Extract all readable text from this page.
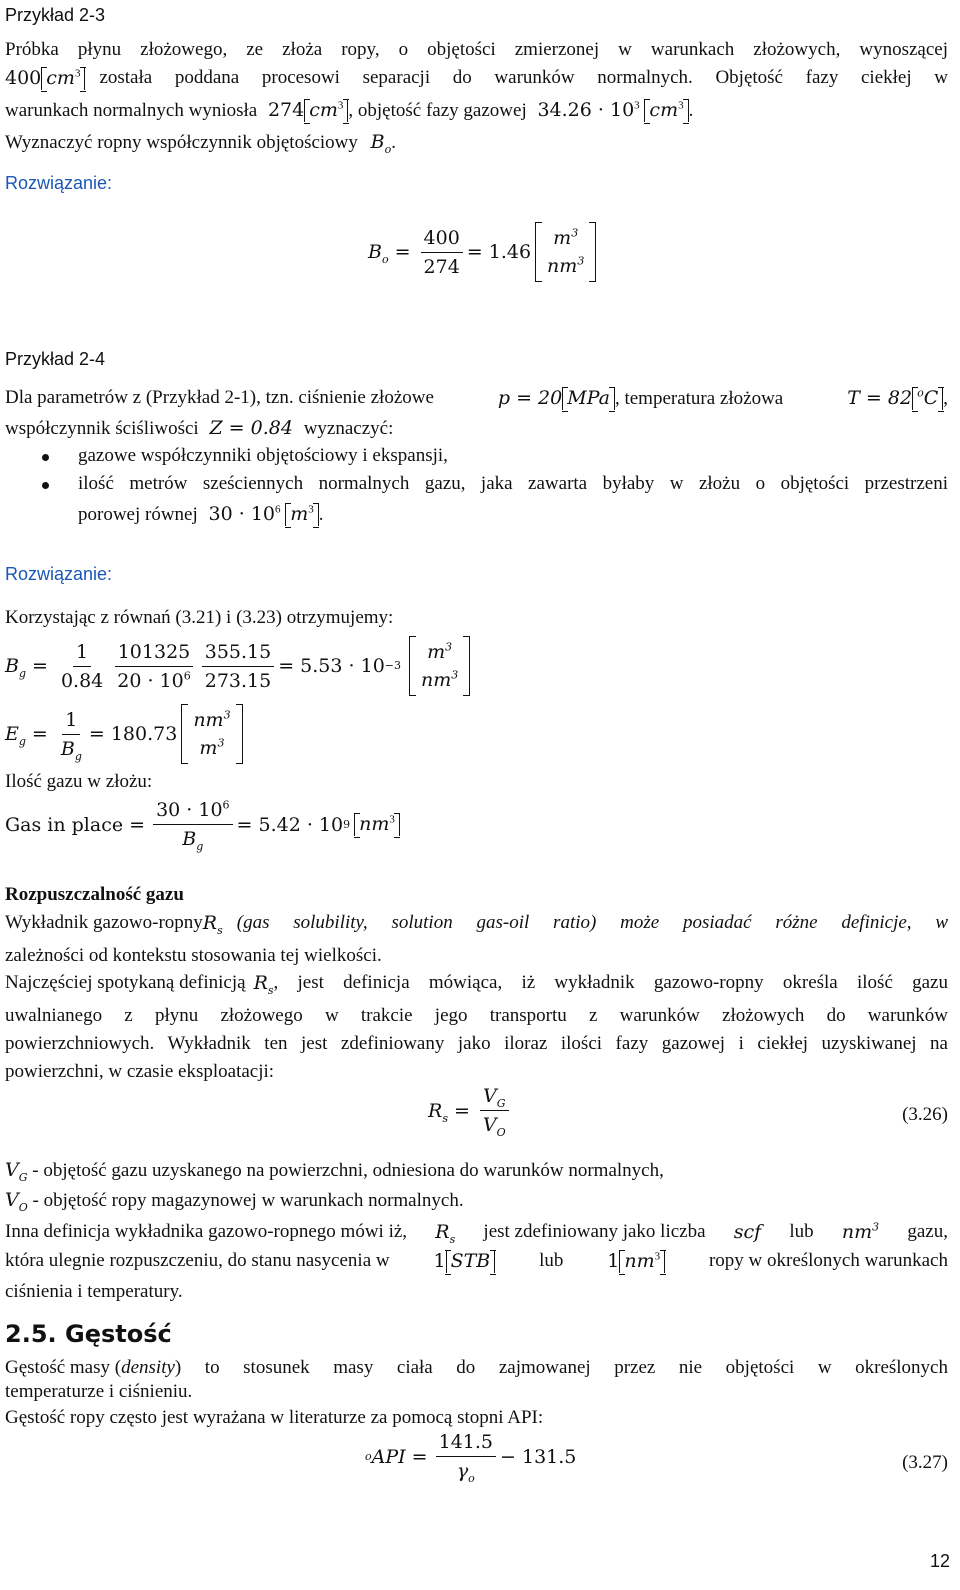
Przykład 2-3
Próbka płynu złożowego, ze złoża ropy, o objętości zmierzonej w warunkach złożowych, wynoszącej
400 $cm^3$ została poddana procesowi separacji do warunków normalnych. Objętość fazy ciekłej w
warunkach normalnych wyniosła 274 $cm^3$ , objętość fazy gazowej $34.26 \cdot 10^3$ $cm^3$ .
Wyznaczyć ropny współczynnik objętościowy $B_o$.
Rozwiązanie:
$B_o = \frac{400}{274} = 1.46$
$m^3$
$nm^3$
Przykład 2-4
Dla parametrów z (Przykład 2-1), tzn. ciśnienie złożowe	p = 20 MPa , temperatura złożowa	T = 82 $^o$C ,
współczynnik ściśliwości Z = 0.84 wyznaczyć:
gazowe współczynniki objętościowy i ekspansji,
ilość metrów sześciennych normalnych gazu, jaka zawarta byłaby w złożu o objętości przestrzeni
porowej równej $30 \cdot 10^6$ $m^3$ .
Rozwiązanie:
Korzystając z równań (3.21) i (3.23) otrzymujemy:
$B_g = \frac{1}{0.84} \frac{101325}{20 \cdot 10^6} \frac{355.15}{273.15} = 5.53 \cdot 10 -3$
$m^3$
$nm^3$
$E_g = \frac{1}{B_g} = 180.73$
$nm^3$
$m^3$
Ilość gazu w złożu:
Gas in place = $\frac{30 \cdot 10^6}{B_g} = 5.42 \cdot 10$ 9 $nm^3$
Rozpuszczalność gazu
Wykładnik gazowo-ropny $R_s$ (gas solubility, solution gas-oil ratio) może posiadać różne definicje, w
zależności od kontekstu stosowania tej wielkości.
Najczęściej spotykaną definicją $R_s$ , jest definicja mówiąca, iż wykładnik gazowo-ropny określa ilość gazu
uwalnianego z płynu złożowego w trakcie jego transportu z warunków złożowych do warunków
powierzchniowych. Wykładnik ten jest zdefiniowany jako iloraz ilości fazy gazowej i ciekłej uzyskiwanej na
powierzchni, w czasie eksploatacji:
$R_s = \frac{V_G}{V_O}$	(3.26)
$V_G$ - objętość gazu uzyskanego na powierzchni, odniesiona do warunków normalnych,
$V_O$ - objętość ropy magazynowej w warunkach normalnych.
Inna definicja wykładnika gazowo-ropnego mówi iż, $R_s$ jest zdefiniowany jako liczba scf lub $nm^3$ gazu,
która ulegnie rozpuszczeniu, do stanu nasycenia w 1 STB	lub 1 $nm^3$	ropy w określonych warunkach
ciśnienia i temperatury.
2.5. Gęstość
Gęstość masy ( density ) to stosunek masy ciała do zajmowanej przez nie objętości w określonych
temperaturze i ciśnieniu.
Gęstość ropy często jest wyrażana w literaturze za pomocą stopni API:
o API = $\frac{141.5}{\gamma_o} - 131.5$	(3.27)
12
